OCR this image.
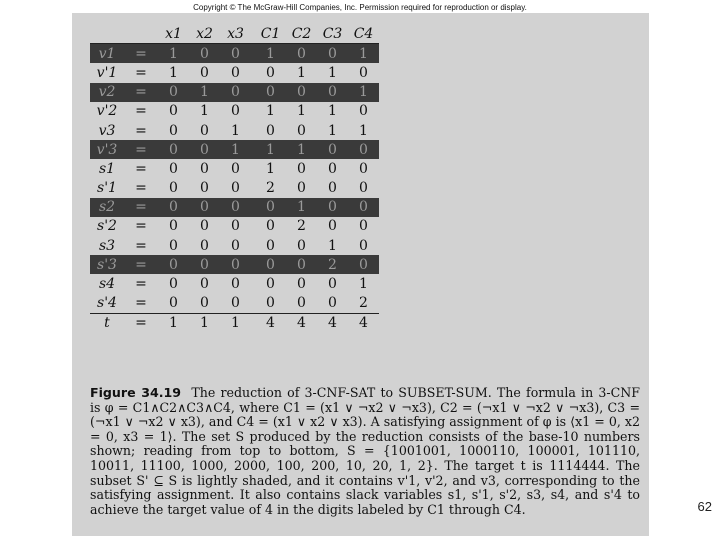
Copyright © The McGraw-Hill Companies, Inc. Permission required for reproduction or display.
		x1	x2	x3		C1	C2	C3	C4
v1	=	1	0	0		1	0	0	1
v'1	=	1	0	0		0	1	1	0
v2	=	0	1	0		0	0	0	1
v'2	=	0	1	0		1	1	1	0
v3	=	0	0	1		0	0	1	1
v'3	=	0	0	1		1	1	0	0
s1	=	0	0	0		1	0	0	0
s'1	=	0	0	0		2	0	0	0
s2	=	0	0	0		0	1	0	0
s'2	=	0	0	0		0	2	0	0
s3	=	0	0	0		0	0	1	0
s'3	=	0	0	0		0	0	2	0
s4	=	0	0	0		0	0	0	1
s'4	=	0	0	0		0	0	0	2
t	=	1	1	1		4	4	4	4
Figure 34.19 The reduction of 3-CNF-SAT to SUBSET-SUM. The formula in 3-CNF is φ = C1∧C2∧C3∧C4, where C1 = (x1 ∨ ¬x2 ∨ ¬x3), C2 = (¬x1 ∨ ¬x2 ∨ ¬x3), C3 = (¬x1 ∨ ¬x2 ∨ x3), and C4 = (x1 ∨ x2 ∨ x3). A satisfying assignment of φ is ⟨x1 = 0, x2 = 0, x3 = 1⟩. The set S produced by the reduction consists of the base-10 numbers shown; reading from top to bottom, S = {1001001, 1000110, 100001, 101110, 10011, 11100, 1000, 2000, 100, 200, 10, 20, 1, 2}. The target t is 1114444. The subset S' ⊆ S is lightly shaded, and it contains v'1, v'2, and v3, corresponding to the satisfying assignment. It also contains slack variables s1, s'1, s'2, s3, s4, and s'4 to achieve the target value of 4 in the digits labeled by C1 through C4.	62
